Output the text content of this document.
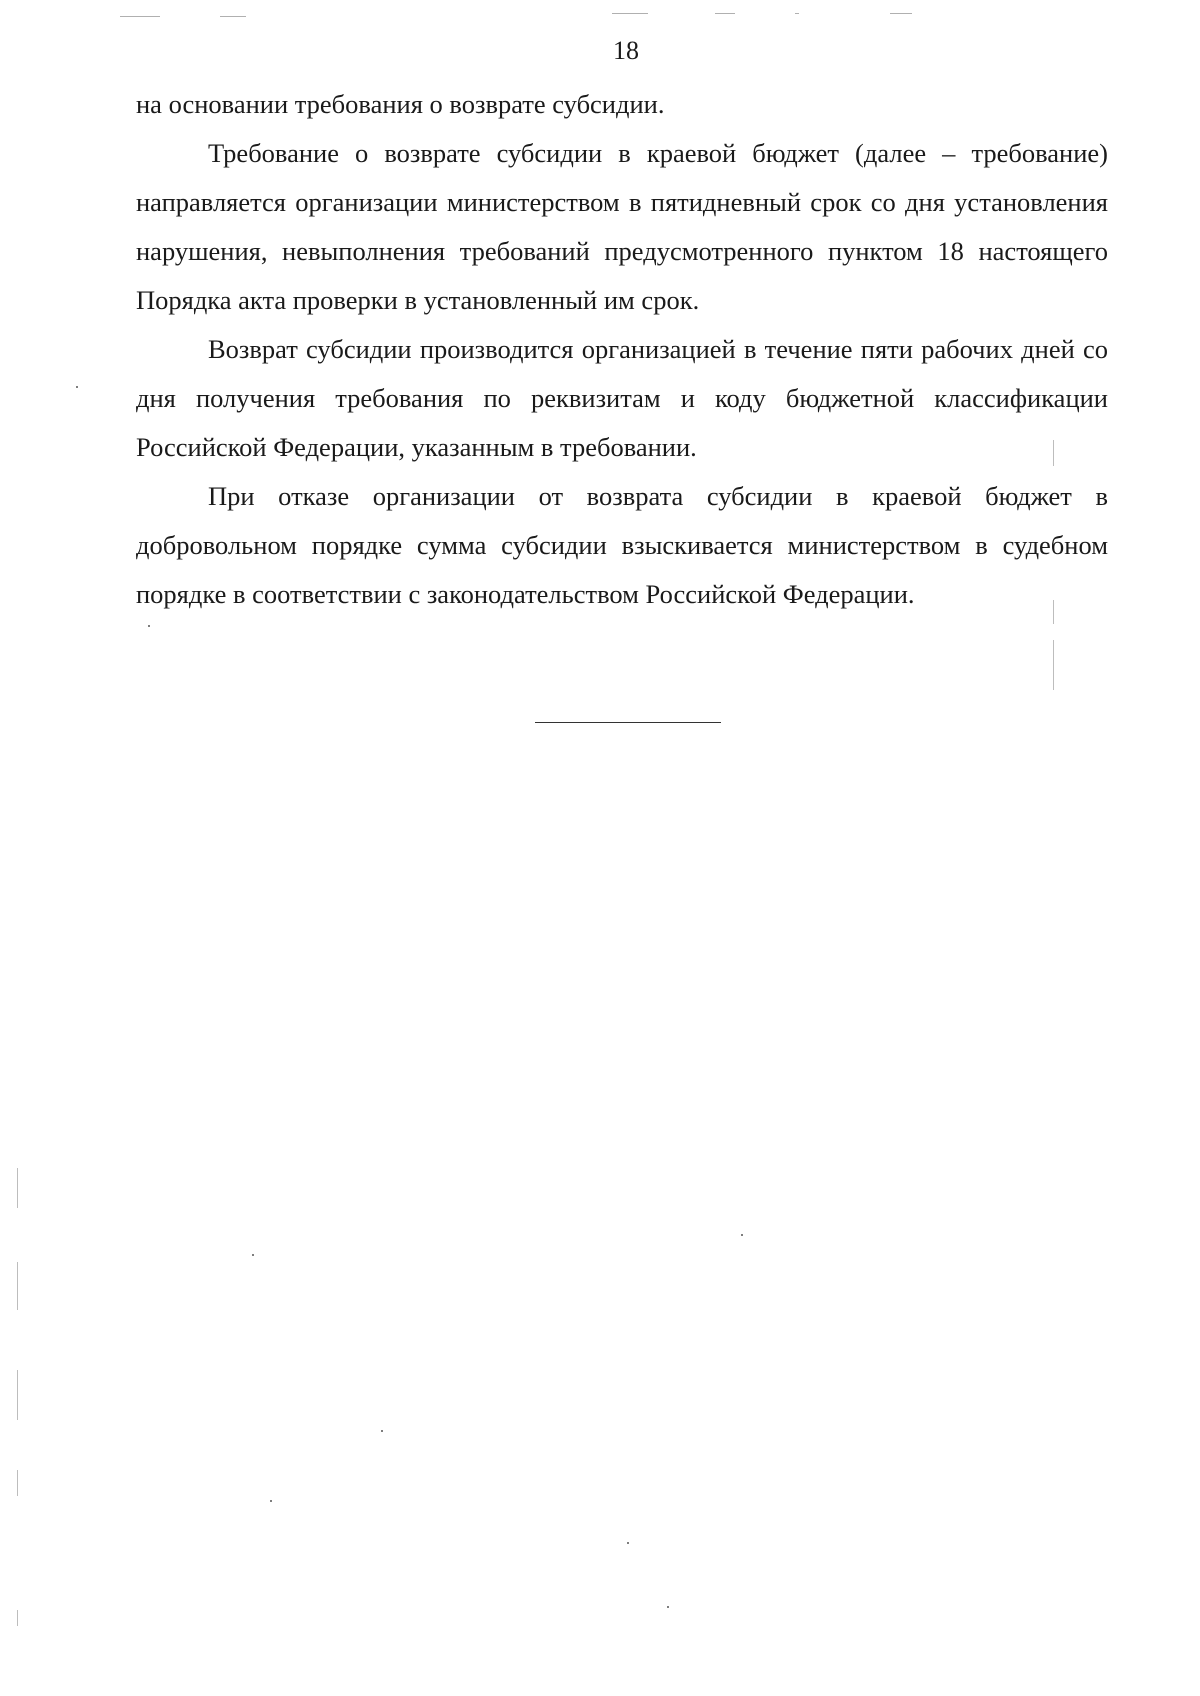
18

на основании требования о возврате субсидии.

Требование о возврате субсидии в краевой бюджет (далее – требование) направляется организации министерством в пятидневный срок со дня установления нарушения, невыполнения требований предусмотренного пунктом 18 настоящего Порядка акта проверки в установленный им срок.

Возврат субсидии производится организацией в течение пяти рабочих дней со дня получения требования по реквизитам и коду бюджетной классификации Российской Федерации, указанным в требовании.

При отказе организации от возврата субсидии в краевой бюджет в добровольном порядке сумма субсидии взыскивается министерством в судебном порядке в соответствии с законодательством Российской Федерации.
